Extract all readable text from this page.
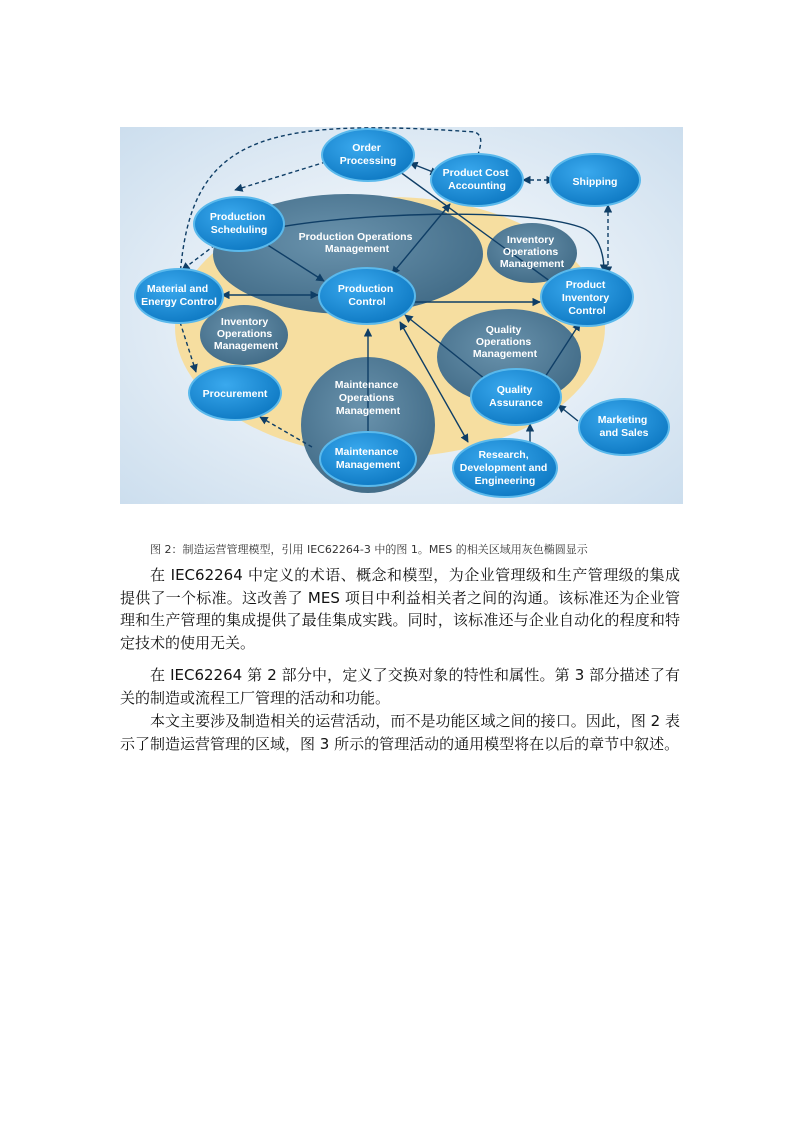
Production Operations Management
Inventory Operations Management
Inventory Operations Management
Quality Operations Management
Maintenance Operations Management
Order Processing
Product Cost Accounting	Shipping
Production Scheduling
Material and Energy Control
Production Control
Product Inventory Control
Procurement	Quality Assurance
Maintenance Management
Marketing and Sales
Research, Development and Engineering
图 2：制造运营管理模型，引用 IEC62264-3 中的图 1。MES 的相关区域用灰色椭圆显示

在 IEC62264 中定义的术语、概念和模型，为企业管理级和生产管理级的集成提供了一个标准。这改善了 MES 项目中利益相关者之间的沟通。该标准还为企业管理和生产管理的集成提供了最佳集成实践。同时，该标准还与企业自动化的程度和特定技术的使用无关。

在 IEC62264 第 2 部分中，定义了交换对象的特性和属性。第 3 部分描述了有关的制造或流程工厂管理的活动和功能。

本文主要涉及制造相关的运营活动，而不是功能区域之间的接口。因此，图 2 表示了制造运营管理的区域，图 3 所示的管理活动的通用模型将在以后的章节中叙述。
